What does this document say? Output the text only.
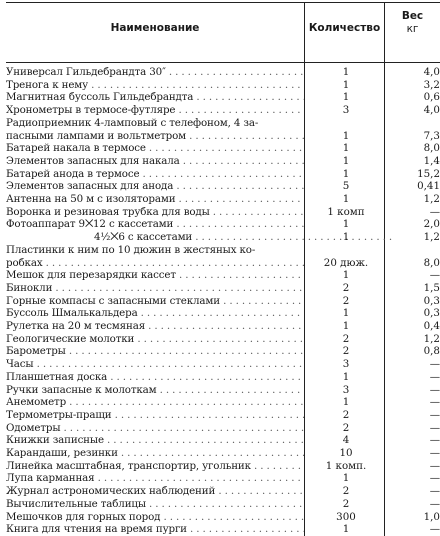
Наименование	Количество
Вес
кг
Универсал Гильдебрандта 30″ . . .	1	4,0
Тренога к нему . . .	1	3,2
Магнитная буссоль Гильдебрандта . . .	1	0,6
Хронометры в термосе-футляре . . .	3	4,0
Радиоприемник 4-ламповый с телефоном, 4 за-
пасными лампами и вольтметром . . .	1	7,3
Батарей накала в термосе . . .	1	8,0
Элементов запасных для накала . . .	1	1,4
Батарей анода в термосе . . .	1	15,2
Элементов запасных для анода . . .	5	0,41
Антенна на 50 м с изоляторами . . .	1	1,2
Воронка и резиновая трубка для воды . . .	1 комп	—
Фотоаппарат 9⨉12 с кассетами . . .	1	2,0
4½⨉6 с кассетами . . .	1	1,2
Пластинки к ним по 10 дюжин в жестяных ко-
робках . . .	20 дюж.	8,0
Мешок для перезарядки кассет . . .	1	—
Бинокли . . .	2	1,5
Горные компасы с запасными стеклами . . .	2	0,3
Буссоль Шмалькальдера . . .	1	0,3
Рулетка на 20 м тесмяная . . .	1	0,4
Геологические молотки . . .	2	1,2
Барометры . . .	2	0,8
Часы . . .	3	—
Планшетная доска . . .	1	—
Ручки запасные к молоткам . . .	3	—
Анемометр . . .	1	—
Термометры-пращи . . .	2	—
Одометры . . .	2	—
Книжки записные . . .	4	—
Карандаши, резинки . . .	10	—
Линейка масштабная, транспортир, угольник . . .	1 комп.	—
Лупа карманная . . .	1	—
Журнал астрономических наблюдений . . .	2	—
Вычислительные таблицы . . .	2	—
Мешочков для горных пород . . .	300	1,0
Книга для чтения на время пурги . . .	1	—
